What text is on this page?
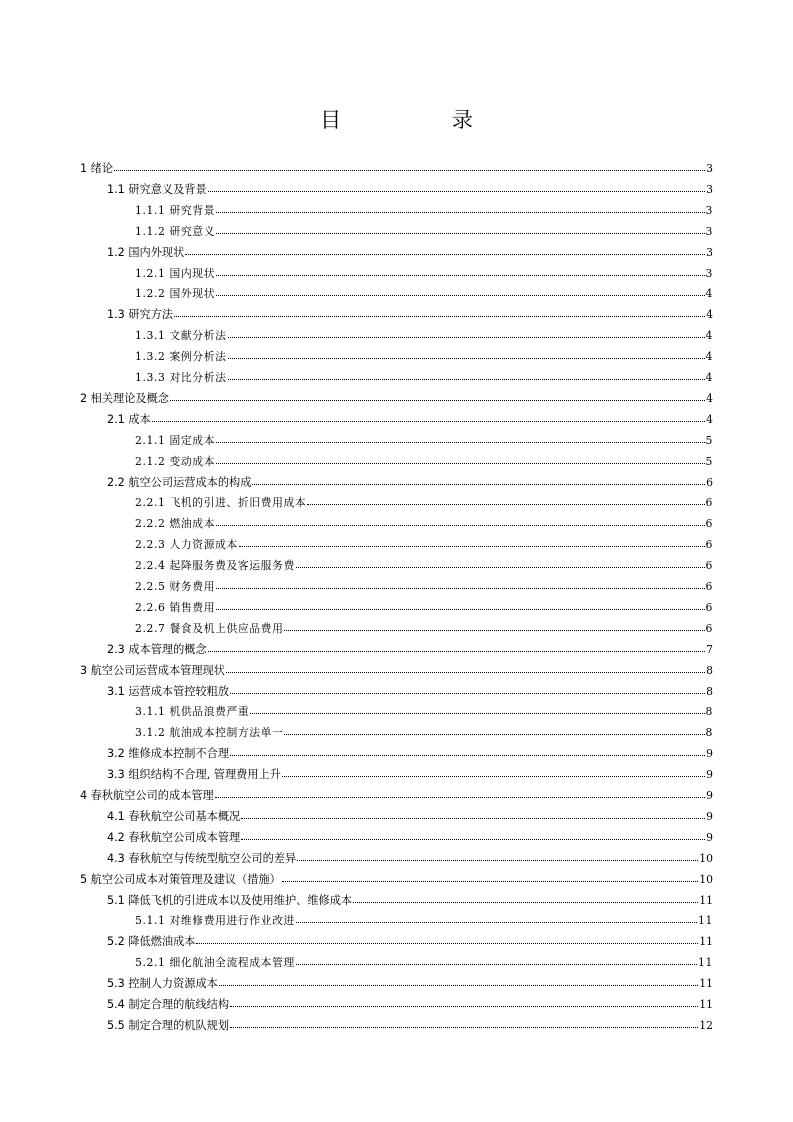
目 录
1 绪论	3
1.1 研究意义及背景	3
1.1.1 研究背景	3
1.1.2 研究意义	3
1.2 国内外现状	3
1.2.1 国内现状	3
1.2.2 国外现状	4
1.3 研究方法	4
1.3.1 文献分析法	4
1.3.2 案例分析法	4
1.3.3 对比分析法	4
2 相关理论及概念	4
2.1 成本	4
2.1.1 固定成本	5
2.1.2 变动成本	5
2.2 航空公司运营成本的构成	6
2.2.1 飞机的引进、折旧费用成本	6
2.2.2 燃油成本	6
2.2.3 人力资源成本	6
2.2.4 起降服务费及客运服务费	6
2.2.5 财务费用	6
2.2.6 销售费用	6
2.2.7 餐食及机上供应品费用	6
2.3 成本管理的概念	7
3 航空公司运营成本管理现状	8
3.1 运营成本管控较粗放	8
3.1.1 机供品浪费严重	8
3.1.2 航油成本控制方法单一	8
3.2 维修成本控制不合理	9
3.3 组织结构不合理, 管理费用上升	9
4 春秋航空公司的成本管理	9
4.1 春秋航空公司基本概况	9
4.2 春秋航空公司成本管理	9
4.3 春秋航空与传统型航空公司的差异	10
5 航空公司成本对策管理及建议（措施）	10
5.1 降低飞机的引进成本以及使用维护、维修成本	11
5.1.1 对维修费用进行作业改进	11
5.2 降低燃油成本	11
5.2.1 细化航油全流程成本管理	11
5.3 控制人力资源成本	11
5.4 制定合理的航线结构	11
5.5 制定合理的机队规划	12
